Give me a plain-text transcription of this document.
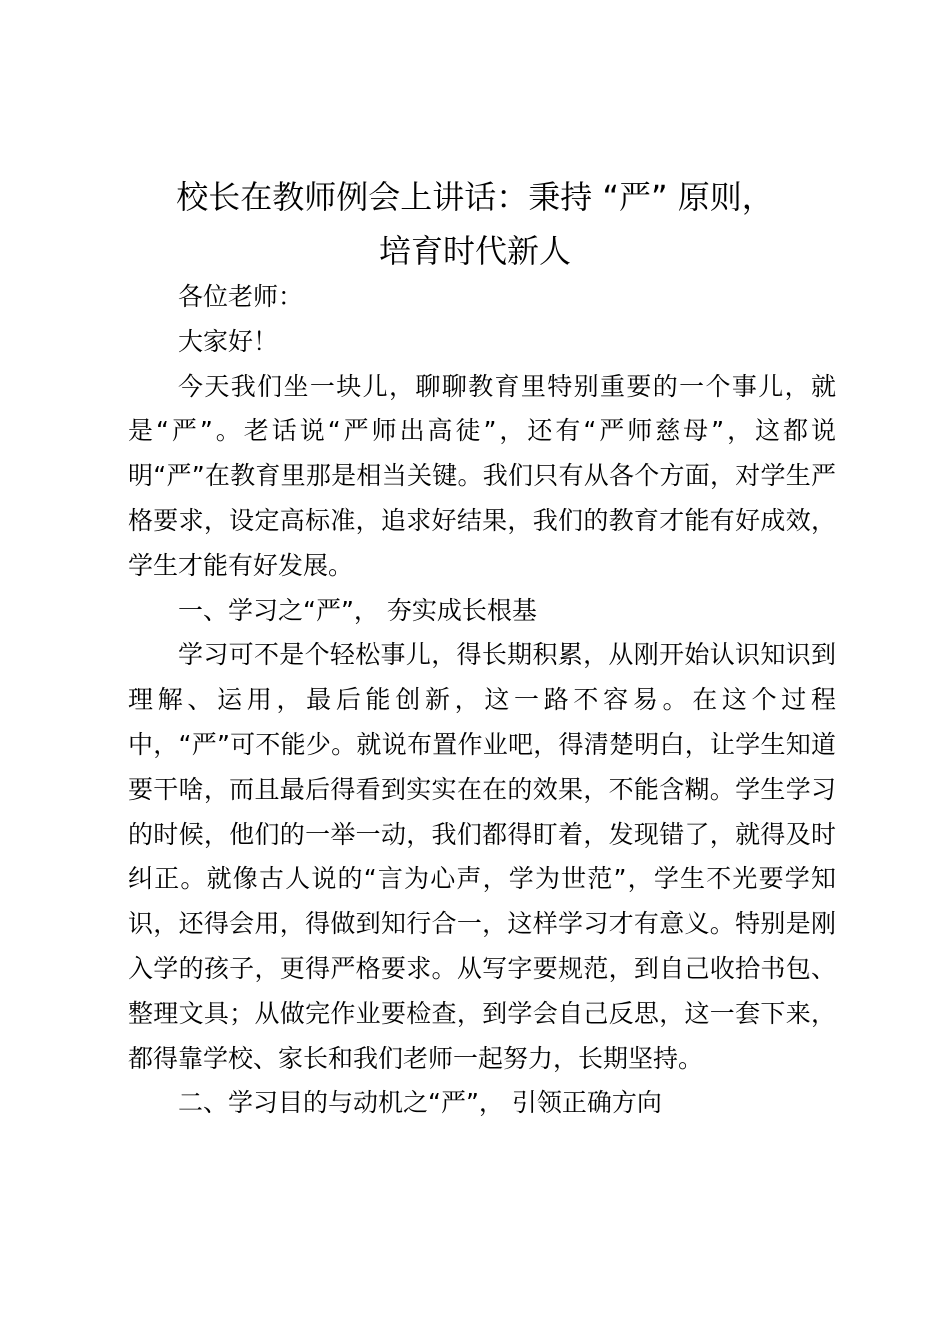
校长在教师例会上讲话：秉持 “严” 原则，
培育时代新人

各位老师：

大家好！

今天我们坐一块儿，聊聊教育里特别重要的一个事儿，就是“严”。老话说“严师出高徒”，还有“严师慈母”，这都说明“严”在教育里那是相当关键。我们只有从各个方面，对学生严格要求，设定高标准，追求好结果，我们的教育才能有好成效，学生才能有好发展。

一、学习之“严”， 夯实成长根基

学习可不是个轻松事儿，得长期积累，从刚开始认识知识到理解、运用，最后能创新，这一路不容易。在这个过程中，“严”可不能少。就说布置作业吧，得清楚明白，让学生知道要干啥，而且最后得看到实实在在的效果，不能含糊。学生学习的时候，他们的一举一动，我们都得盯着，发现错了，就得及时纠正。就像古人说的“言为心声，学为世范”，学生不光要学知识，还得会用，得做到知行合一，这样学习才有意义。特别是刚入学的孩子，更得严格要求。从写字要规范，到自己收拾书包、整理文具；从做完作业要检查，到学会自己反思，这一套下来，都得靠学校、家长和我们老师一起努力，长期坚持。

二、学习目的与动机之“严”， 引领正确方向
